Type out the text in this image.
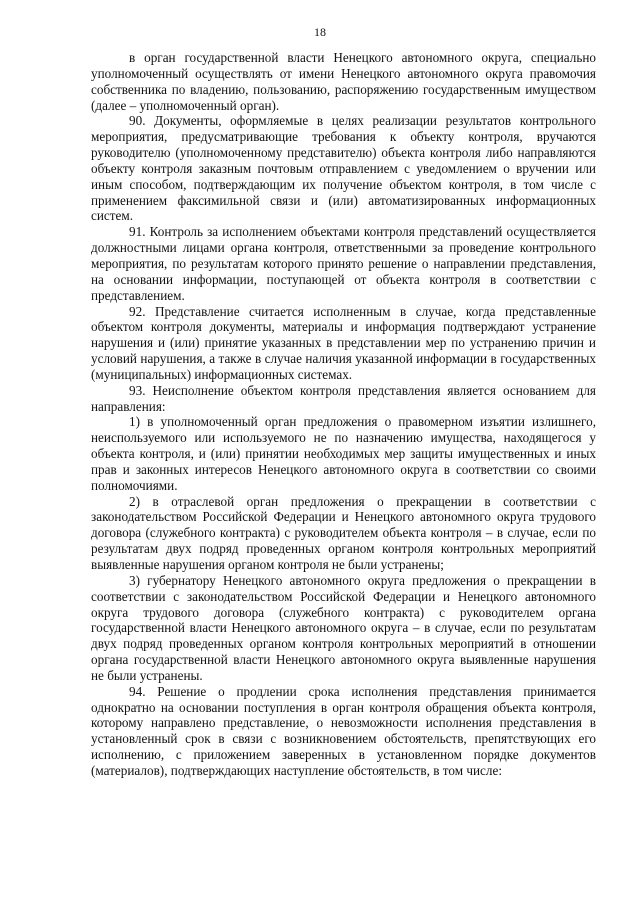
18

в орган государственной власти Ненецкого автономного округа, специально уполномоченный осуществлять от имени Ненецкого автономного округа правомочия собственника по владению, пользованию, распоряжению государственным имуществом (далее – уполномоченный орган).

90. Документы, оформляемые в целях реализации результатов контрольного мероприятия, предусматривающие требования к объекту контроля, вручаются руководителю (уполномоченному представителю) объекта контроля либо направляются объекту контроля заказным почтовым отправлением с уведомлением о вручении или иным способом, подтверждающим их получение объектом контроля, в том числе с применением факсимильной связи и (или) автоматизированных информационных систем.

91. Контроль за исполнением объектами контроля представлений осуществляется должностными лицами органа контроля, ответственными за проведение контрольного мероприятия, по результатам которого принято решение о направлении представления, на основании информации, поступающей от объекта контроля в соответствии с представлением.

92. Представление считается исполненным в случае, когда представленные объектом контроля документы, материалы и информация подтверждают устранение нарушения и (или) принятие указанных в представлении мер по устранению причин и условий нарушения, а также в случае наличия указанной информации в государственных (муниципальных) информационных системах.

93. Неисполнение объектом контроля представления является основанием для направления:

1) в уполномоченный орган предложения о правомерном изъятии излишнего, неиспользуемого или используемого не по назначению имущества, находящегося у объекта контроля, и (или) принятии необходимых мер защиты имущественных и иных прав и законных интересов Ненецкого автономного округа в соответствии со своими полномочиями.

2) в отраслевой орган предложения о прекращении в соответствии с законодательством Российской Федерации и Ненецкого автономного округа трудового договора (служебного контракта) с руководителем объекта контроля – в случае, если по результатам двух подряд проведенных органом контроля контрольных мероприятий выявленные нарушения органом контроля не были устранены;

3) губернатору Ненецкого автономного округа предложения о прекращении в соответствии с законодательством Российской Федерации и Ненецкого автономного округа трудового договора (служебного контракта) с руководителем органа государственной власти Ненецкого автономного округа – в случае, если по результатам двух подряд проведенных органом контроля контрольных мероприятий в отношении органа государственной власти Ненецкого автономного округа выявленные нарушения не были устранены.

94. Решение о продлении срока исполнения представления принимается однократно на основании поступления в орган контроля обращения объекта контроля, которому направлено представление, о невозможности исполнения представления в установленный срок в связи с возникновением обстоятельств, препятствующих его исполнению, с приложением заверенных в установленном порядке документов (материалов), подтверждающих наступление обстоятельств, в том числе:
